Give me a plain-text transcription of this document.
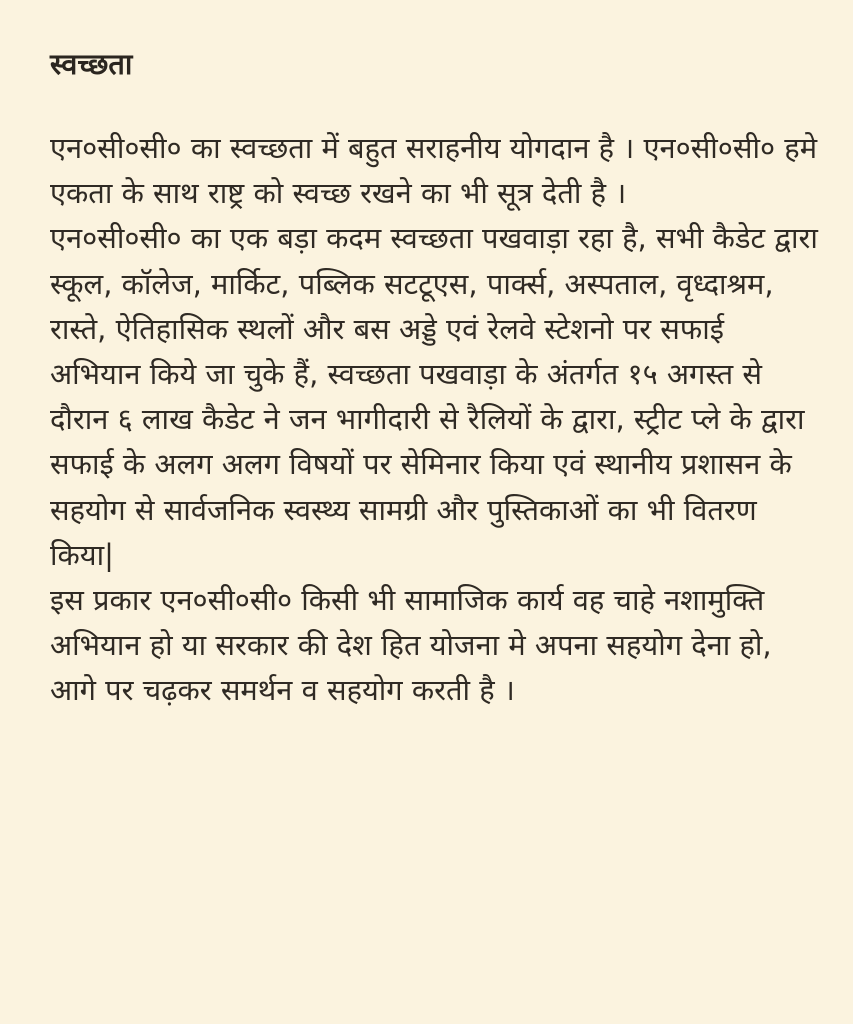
स्वच्छता

एन०सी०सी० का स्वच्छता में बहुत सराहनीय योगदान है । एन०सी०सी० हमे एकता के साथ राष्ट्र को स्वच्छ रखने का भी सूत्र देती है ।

एन०सी०सी० का एक बड़ा कदम स्वच्छता पखवाड़ा रहा है, सभी कैडेट द्वारा स्कूल, कॉलेज, मार्किट, पब्लिक सटटूएस, पार्क्स, अस्पताल, वृध्दाश्रम, रास्ते, ऐतिहासिक स्थलों और बस अड्डे एवं रेलवे स्टेशनो पर सफाई अभियान किये जा चुके हैं, स्वच्छता पखवाड़ा के अंतर्गत १५ अगस्त से दौरान ६ लाख कैडेट ने जन भागीदारी से रैलियों के द्वारा, स्ट्रीट प्ले के द्वारा सफाई के अलग अलग विषयों पर सेमिनार किया एवं स्थानीय प्रशासन के सहयोग से सार्वजनिक स्वस्थ्य सामग्री और पुस्तिकाओं का भी वितरण किया|

इस प्रकार एन०सी०सी० किसी भी सामाजिक कार्य वह चाहे नशामुक्ति अभियान हो या सरकार की देश हित योजना मे अपना सहयोग देना हो, आगे पर चढ़कर समर्थन व सहयोग करती है ।
